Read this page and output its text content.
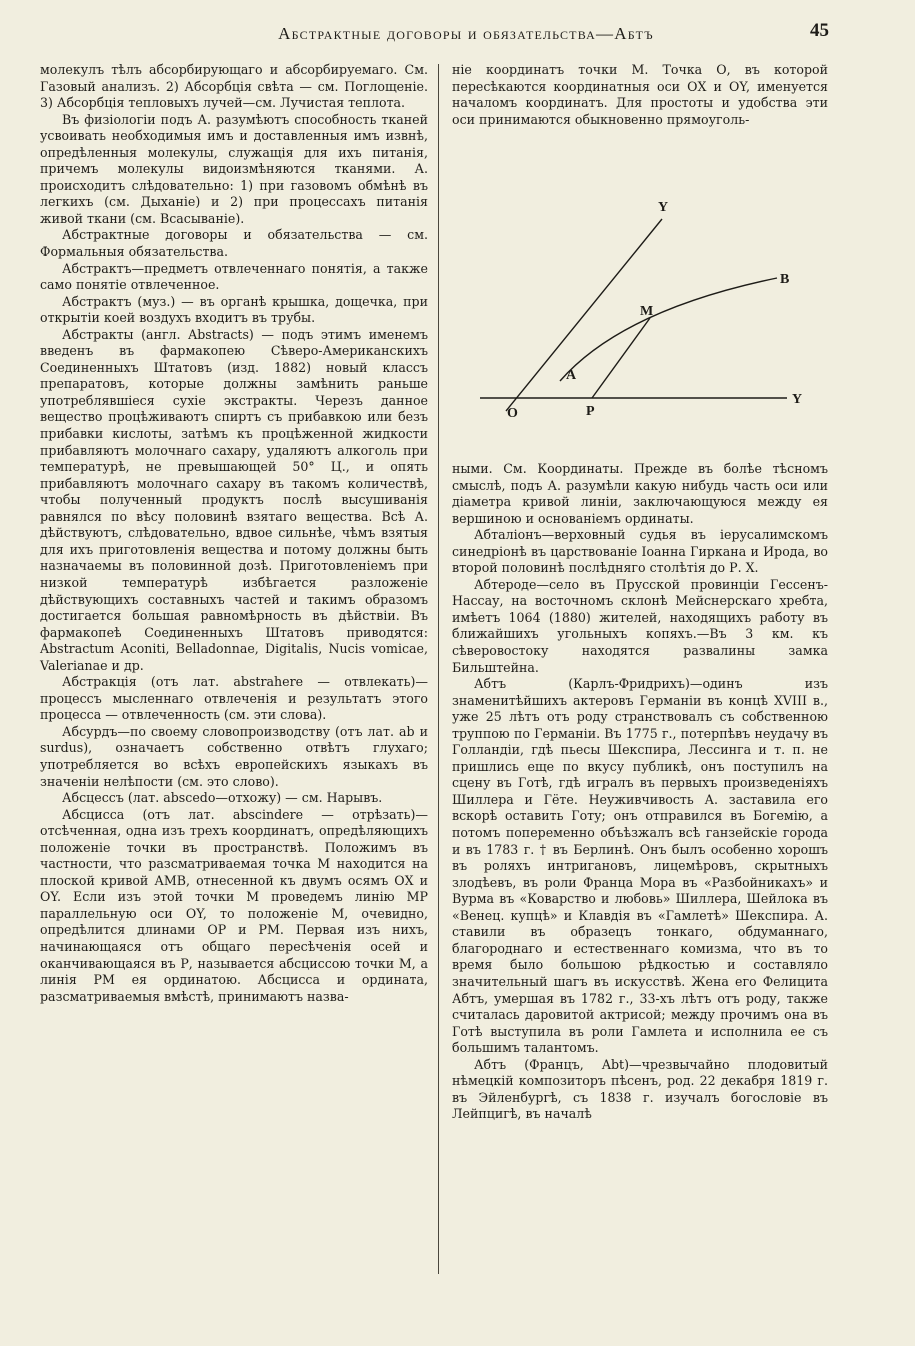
Абстрактные договоры и обязательства—Абтъ	45

молекулъ тѣлъ абсорбирующаго и абсорбируемаго. См. Газовый анализъ. 2) Абсорбція свѣта — см. Поглощеніе. 3) Абсорбція тепловыхъ лучей—см. Лучистая теплота.

Въ физіологіи подъ А. разумѣютъ способность тканей усвоивать необходимыя имъ и доставленныя имъ извнѣ, опредѣленныя молекулы, служащія для ихъ питанія, причемъ молекулы видоизмѣняются тканями. А. происходитъ слѣдовательно: 1) при газовомъ обмѣнѣ въ легкихъ (см. Дыханіе) и 2) при процессахъ питанія живой ткани (см. Всасываніе).

Абстрактные договоры и обязательства — см. Формальныя обязательства.

Абстрактъ—предметъ отвлеченнаго понятія, а также само понятіе отвлеченное.

Абстрактъ (муз.) — въ органѣ крышка, дощечка, при открытіи коей воздухъ входитъ въ трубы.

Абстракты (англ. Abstracts) — подъ этимъ именемъ введенъ въ фармакопею Сѣверо-Американскихъ Соединенныхъ Штатовъ (изд. 1882) новый классъ препаратовъ, которые должны замѣнить раньше употреблявшіеся сухіе экстракты. Черезъ данное вещество процѣживаютъ спиртъ съ прибавкою или безъ прибавки кислоты, затѣмъ къ процѣженной жидкости прибавляютъ молочнаго сахару, удаляютъ алкоголь при температурѣ, не превышающей 50° Ц., и опять прибавляютъ молочнаго сахару въ такомъ количествѣ, чтобы полученный продуктъ послѣ высушиванія равнялся по вѣсу половинѣ взятаго вещества. Всѣ А. дѣйствуютъ, слѣдовательно, вдвое сильнѣе, чѣмъ взятыя для ихъ приготовленія вещества и потому должны быть назначаемы въ половинной дозѣ. Приготовленіемъ при низкой температурѣ избѣгается разложеніе дѣйствующихъ составныхъ частей и такимъ образомъ достигается большая равномѣрность въ дѣйствіи. Въ фармакопеѣ Соединенныхъ Штатовъ приводятся: Abstractum Aconiti, Belladonnae, Digitalis, Nucis vomicae, Valerianae и др.

Абстракція (отъ лат. abstrahere — отвлекать)—процессъ мысленнаго отвлеченія и результатъ этого процесса — отвлеченность (см. эти слова).

Абсурдъ—по своему словопроизводству (отъ лат. ab и surdus), означаетъ собственно отвѣтъ глухаго; употребляется во всѣхъ европейскихъ языкахъ въ значеніи нелѣпости (см. это слово).

Абсцессъ (лат. abscedo—отхожу) — см. Нарывъ.

Абсцисса (отъ лат. abscindere — отрѣзать)—отсѣченная, одна изъ трехъ координатъ, опредѣляющихъ положеніе точки въ пространствѣ. Положимъ въ частности, что разсматриваемая точка М находится на плоской кривой АМВ, отнесенной къ двумъ осямъ ОХ и ОY. Если изъ этой точки М проведемъ линію МР параллельную оси ОY, то положеніе М, очевидно, опредѣлится длинами ОР и РМ. Первая изъ нихъ, начинающаяся отъ общаго пересѣченія осей и оканчивающаяся въ Р, называется абсциссою точки М, а линія РМ ея ординатою. Абсцисса и ордината, разсматриваемыя вмѣстѣ, принимаютъ назва-

ніе координатъ точки М. Точка О, въ которой пересѣкаются координатныя оси ОХ и ОY, именуется началомъ координатъ. Для простоты и удобства эти оси принимаются обыкновенно прямоуголь-

Y
B
M
A
Y
O	P

ными. См. Координаты. Прежде въ болѣе тѣсномъ смыслѣ, подъ А. разумѣли какую нибудь часть оси или діаметра кривой линіи, заключающуюся между ея вершиною и основаніемъ ординаты.

Абталіонъ—верховный судья въ іерусалимскомъ синедріонѣ въ царствованіе Іоанна Гиркана и Ирода, во второй половинѣ послѣдняго столѣтія до Р. Х.

Абтероде—село въ Прусской провинціи Гессенъ-Нассау, на восточномъ склонѣ Мейснерскаго хребта, имѣетъ 1064 (1880) жителей, находящихъ работу въ ближайшихъ угольныхъ копяхъ.—Въ 3 км. къ сѣверовостоку находятся развалины замка Бильштейна.

Абтъ (Карлъ-Фридрихъ)—одинъ изъ знаменитѣйшихъ актеровъ Германіи въ концѣ XVIII в., уже 25 лѣтъ отъ роду странствовалъ съ собственною труппою по Германіи. Въ 1775 г., потерпѣвъ неудачу въ Голландіи, гдѣ пьесы Шекспира, Лессинга и т. п. не пришлись еще по вкусу публикѣ, онъ поступилъ на сцену въ Готѣ, гдѣ игралъ въ первыхъ произведеніяхъ Шиллера и Гёте. Неуживчивость А. заставила его вскорѣ оставить Готу; онъ отправился въ Богемію, а потомъ попеременно объѣзжалъ всѣ ганзейскіе города и въ 1783 г. † въ Берлинѣ. Онъ былъ особенно хорошъ въ роляхъ интригановъ, лицемѣровъ, скрытныхъ злодѣевъ, въ роли Франца Мора въ «Разбойникахъ» и Вурма въ «Коварство и любовь» Шиллера, Шейлока въ «Венец. купцѣ» и Клавдія въ «Гамлетѣ» Шекспира. А. ставили въ образецъ тонкаго, обдуманнаго, благороднаго и естественнаго комизма, что въ то время было большою рѣдкостью и составляло значительный шагъ въ искусствѣ. Жена его Фелицита Абтъ, умершая въ 1782 г., 33-хъ лѣтъ отъ роду, также считалась даровитой актрисой; между прочимъ она въ Готѣ выступила въ роли Гамлета и исполнила ее съ большимъ талантомъ.

Абтъ (Францъ, Abt)—чрезвычайно плодовитый нѣмецкій композиторъ пѣсенъ, род. 22 декабря 1819 г. въ Эйленбургѣ, съ 1838 г. изучалъ богословіе въ Лейпцигѣ, въ началѣ
